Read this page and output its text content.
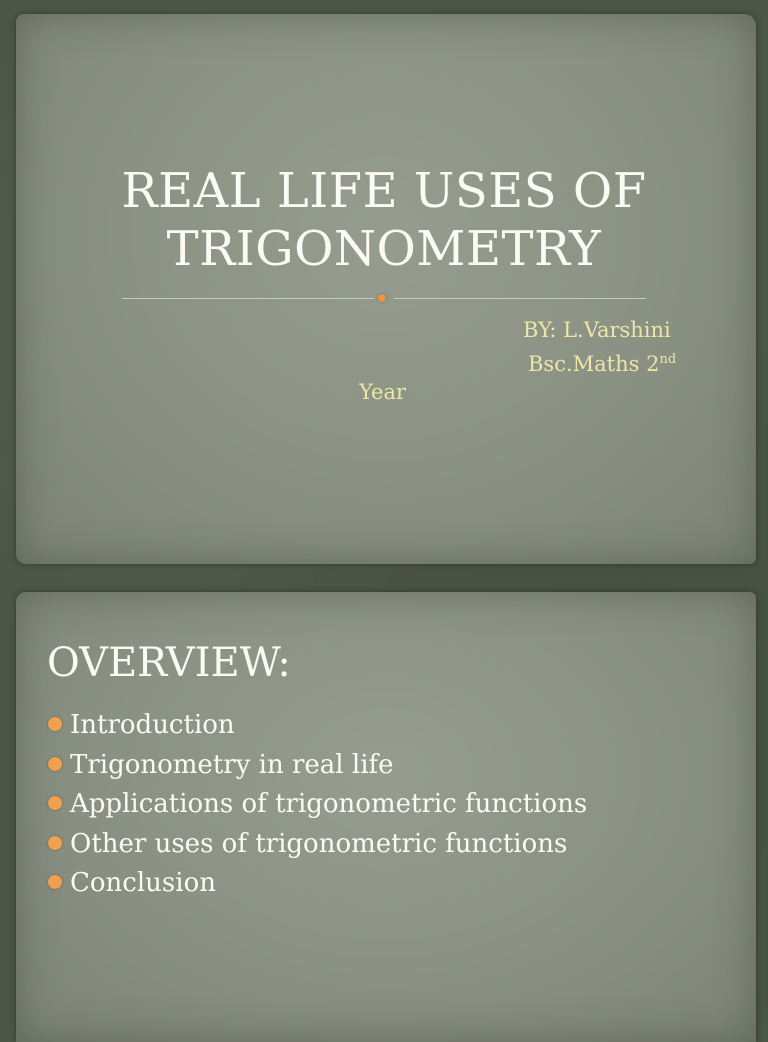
REAL LIFE USES OF
TRIGONOMETRY
BY: L.Varshini
Bsc.Maths 2nd
Year
OVERVIEW:
Introduction
Trigonometry in real life
Applications of trigonometric functions
Other uses of trigonometric functions
Conclusion
